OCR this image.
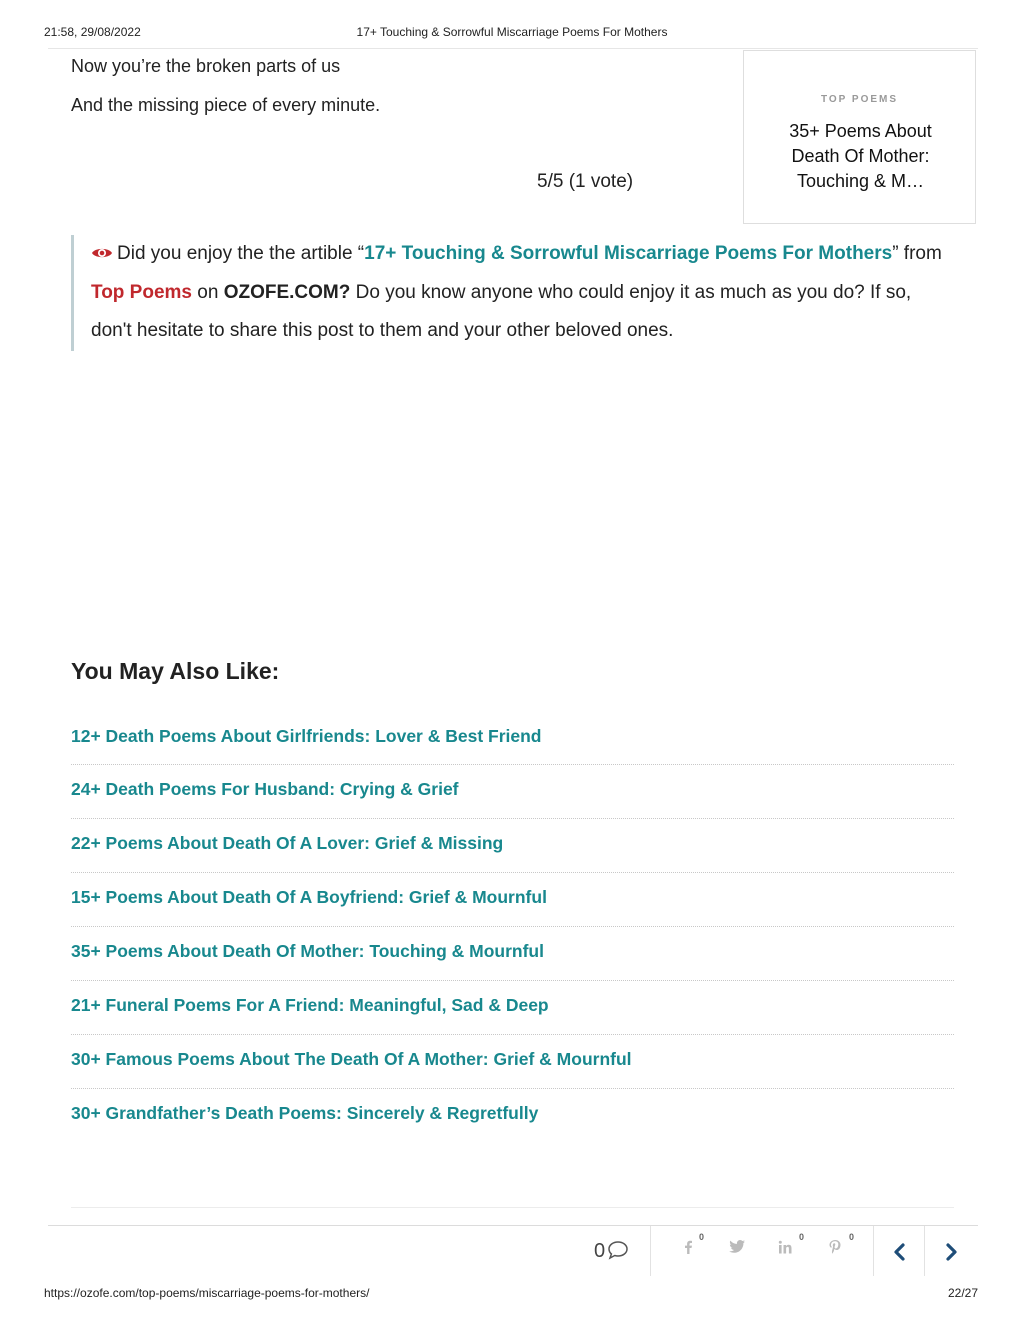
21:58, 29/08/2022	17+ Touching & Sorrowful Miscarriage Poems For Mothers
Now you’re the broken parts of us
And the missing piece of every minute.
5/5 (1 vote)
TOP POEMS
35+ Poems About Death Of Mother: Touching & M…
Did you enjoy the the artible “17+ Touching & Sorrowful Miscarriage Poems For Mothers” from Top Poems on OZOFE.COM? Do you know anyone who could enjoy it as much as you do? If so, don't hesitate to share this post to them and your other beloved ones.
You May Also Like:
12+ Death Poems About Girlfriends: Lover & Best Friend
24+ Death Poems For Husband: Crying & Grief
22+ Poems About Death Of A Lover: Grief & Missing
15+ Poems About Death Of A Boyfriend: Grief & Mournful
35+ Poems About Death Of Mother: Touching & Mournful
21+ Funeral Poems For A Friend: Meaningful, Sad & Deep
30+ Famous Poems About The Death Of A Mother: Grief & Mournful
30+ Grandfather’s Death Poems: Sincerely & Regretfully
0
0	0	0
https://ozofe.com/top-poems/miscarriage-poems-for-mothers/	22/27
